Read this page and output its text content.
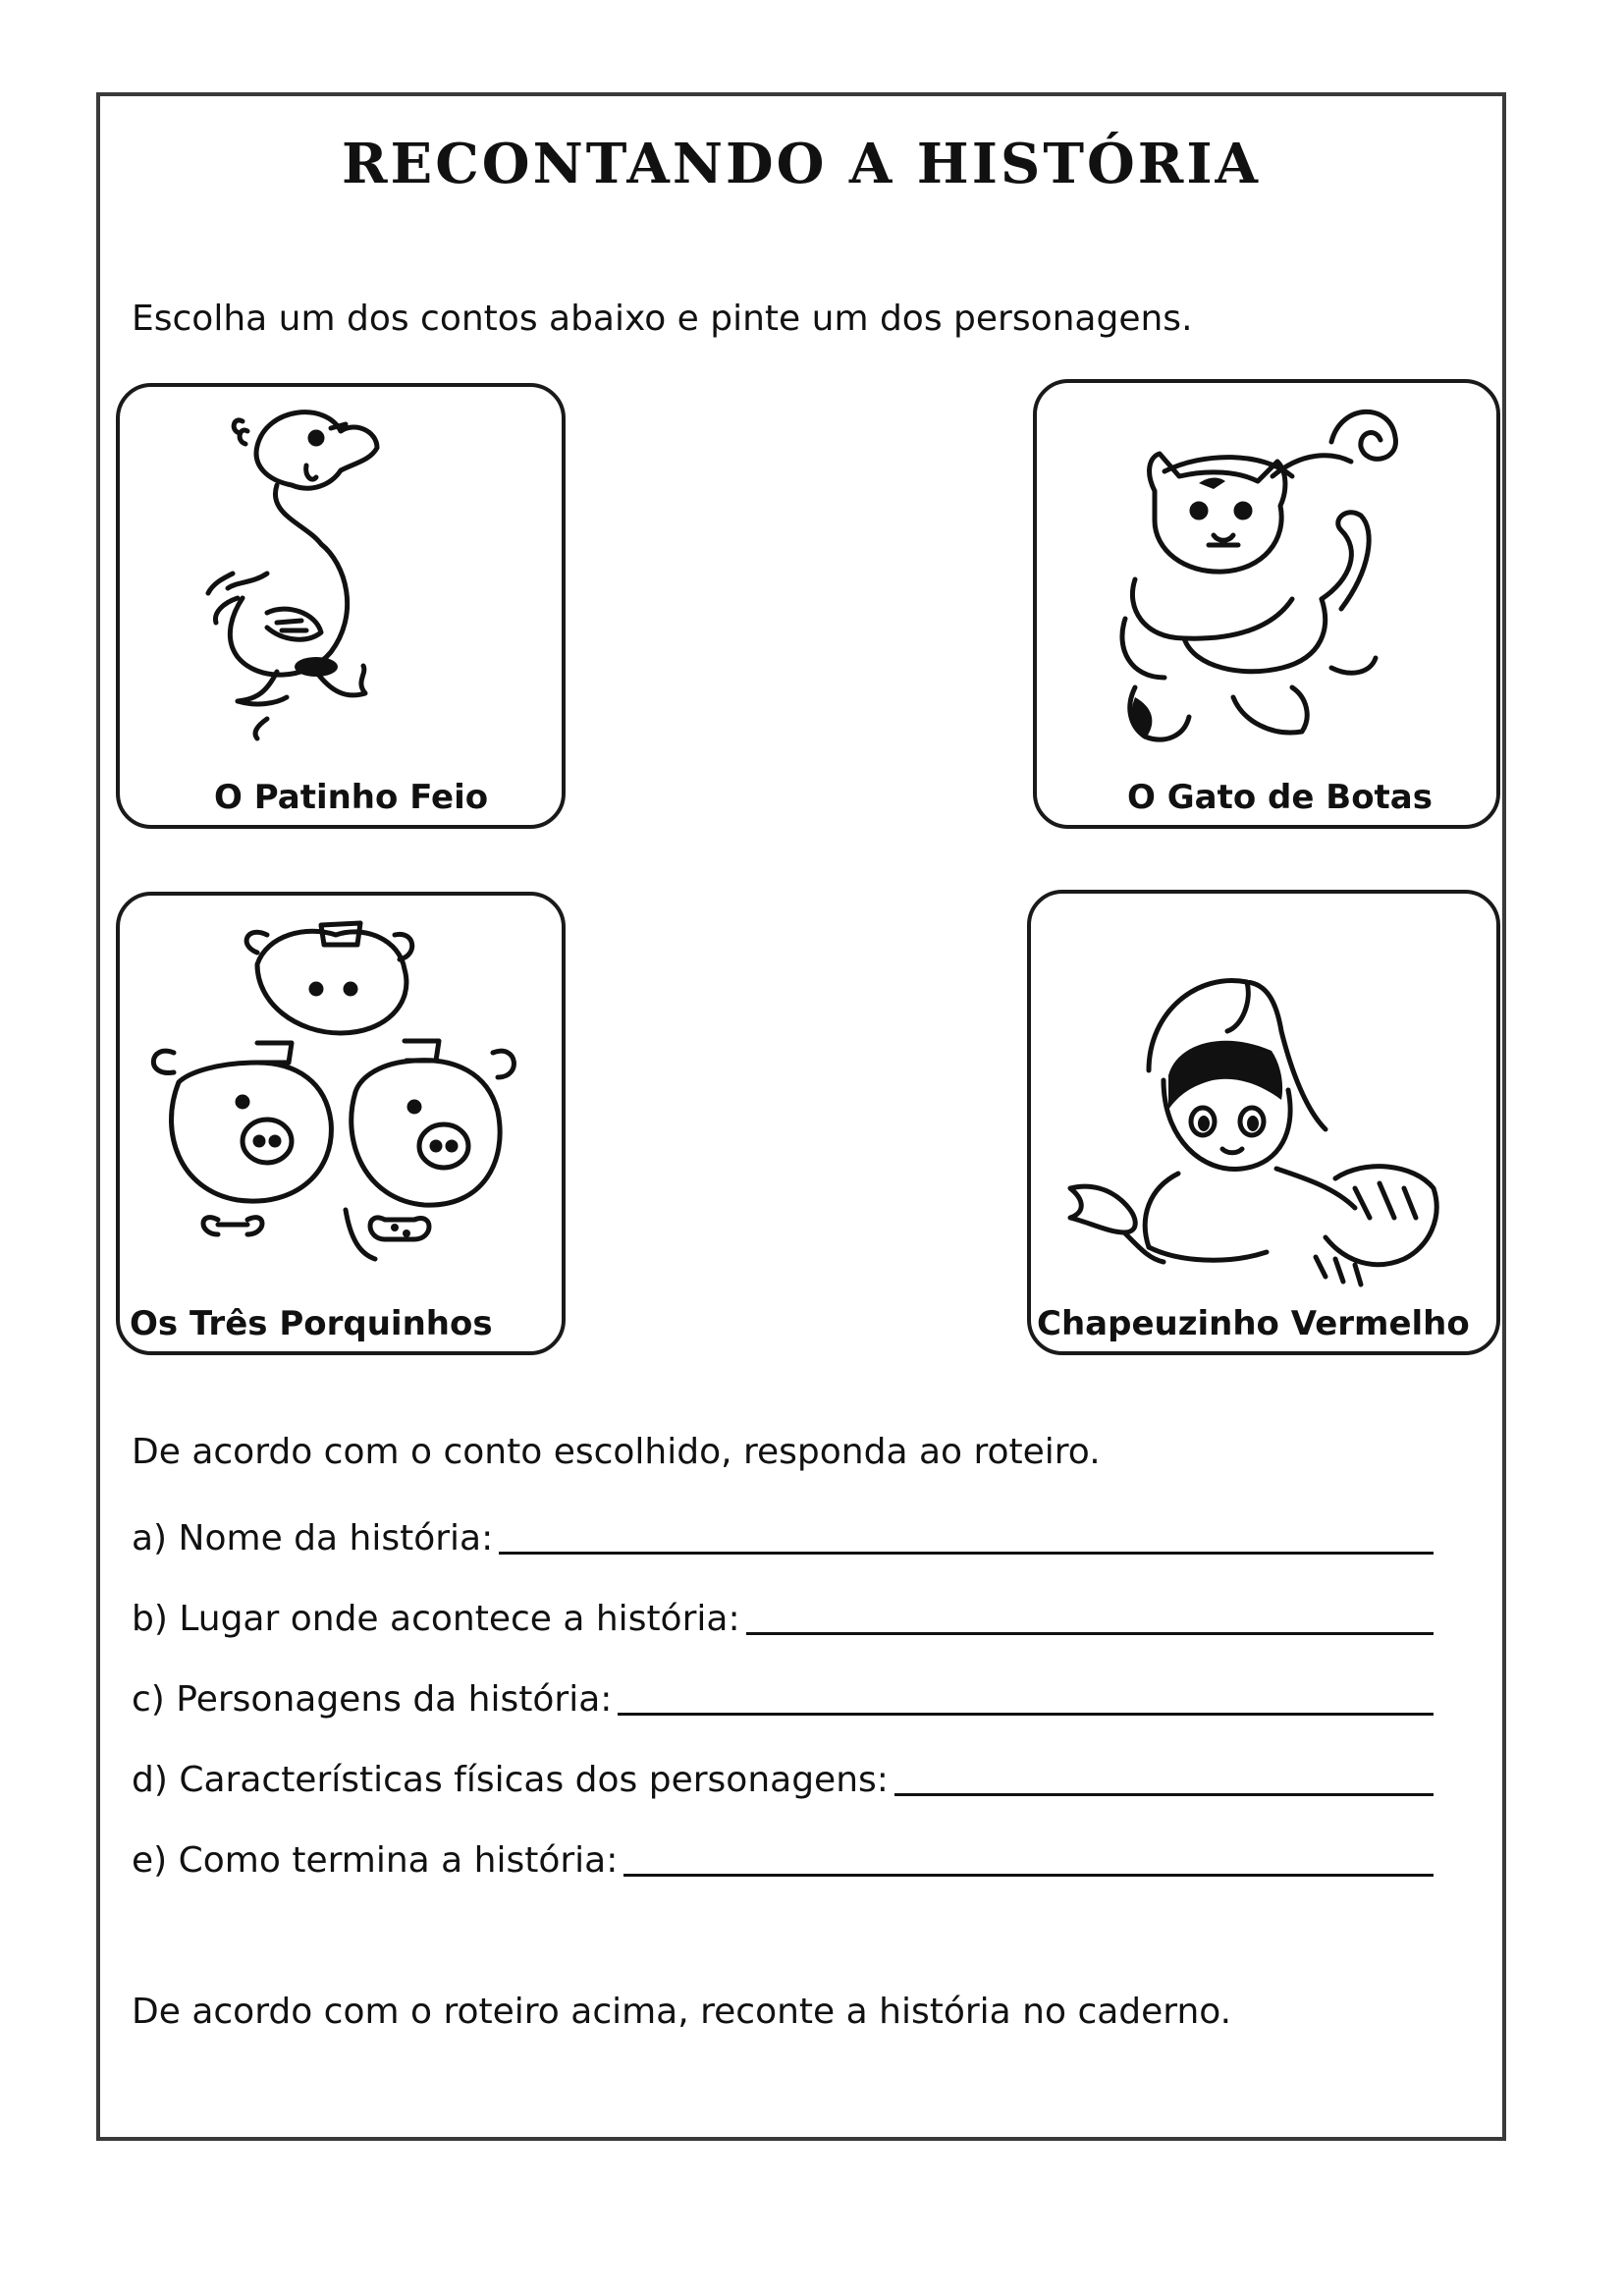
RECONTANDO A HISTÓRIA
Escolha um dos contos abaixo e pinte um dos personagens.
O Patinho Feio	O Gato de Botas
Os Três Porquinhos	Chapeuzinho Vermelho
De acordo com o conto escolhido, responda ao roteiro.
a) Nome da história:
b) Lugar onde acontece a história:
c) Personagens da história:
d) Características físicas dos personagens:
e) Como termina a história:
De acordo com o roteiro acima, reconte a história no caderno.
